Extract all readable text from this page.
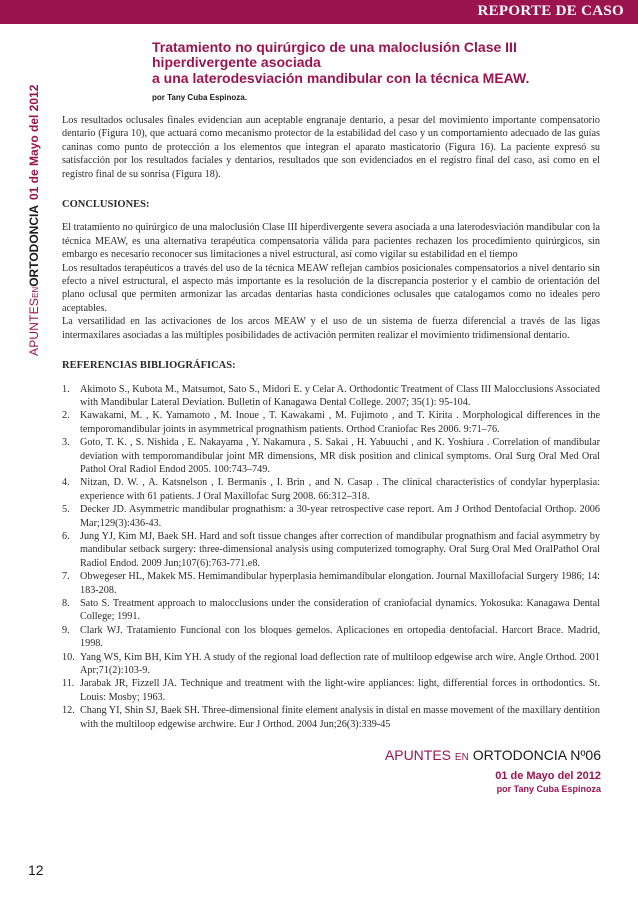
REPORTE DE CASO
APUNTESENORTODONCIA01 de Mayo del 2012

Tratamiento no quirúrgico de una maloclusión Clase III

hiperdivergente asociada

a una laterodesviación mandibular con la técnica MEAW.

por Tany Cuba Espinoza.

Los resultados oclusales finales evidencian aun aceptable engranaje dentario, a pesar del movimiento importante compensatorio dentario (Figura 10), que actuará como mecanismo protector de la estabilidad del caso y un comportamiento adecuado de las guías caninas como punto de protección a los elementos que integran el aparato masticatorio (Figura 16). La paciente expresó su satisfacción por los resultados faciales y dentarios, resultados que son evidenciados en el registro final del caso, así como en el registro final de su sonrisa (Figura 18).

CONCLUSIONES:

El tratamiento no quirúrgico de una maloclusión Clase III hiperdivergente severa asociada a una laterodesviación mandibular con la técnica MEAW, es una alternativa terapéutica compensatoria válida para pacientes rechazen los procedimiento quirúrgicos, sin embargo es necesario reconocer sus limitaciones a nivel estructural, así como vigilar su estabilidad en el tiempo

Los resultados terapéuticos a través del uso de la técnica MEAW reflejan cambios posicionales compensatorios a nivel dentario sin efecto a nivel estructural, el aspecto más importante es la resolución de la discrepancia posterior y el cambio de orientación del plano oclusal que permiten armonizar las arcadas dentarias hasta condiciones oclusales que catalogamos como no ideales pero aceptables.

La versatilidad en las activaciones de los arcos MEAW y el uso de un sistema de fuerza diferencial a través de las ligas intermaxilares asociadas a las múltiples posibilidades de activación permiten realizar el movimiento tridimensional dentario.

REFERENCIAS BIBLIOGRÁFICAS:
1.	Akimoto S., Kubota M., Matsumot, Sato S., Midori E. y Celar A. Orthodontic Treatment of Class III Malocclusions Associated with Mandibular Lateral Deviation. Bulletin of Kanagawa Dental College. 2007; 35(1): 95-104.
2.	Kawakami, M. , K. Yamamoto , M. Inoue , T. Kawakami , M. Fujimoto , and T. Kirita . Morphological differences in the temporomandibular joints in asymmetrical prognathism patients. Orthod Craniofac Res 2006. 9:71–76.
3.	Goto, T. K. , S. Nishida , E. Nakayama , Y. Nakamura , S. Sakai , H. Yabuuchi , and K. Yoshiura . Correlation of mandibular deviation with temporomandibular joint MR dimensions, MR disk position and clinical symptoms. Oral Surg Oral Med Oral Pathol Oral Radiol Endod 2005. 100:743–749.
4.	Nitzan, D. W. , A. Katsnelson , I. Bermanis , I. Brin , and N. Casap . The clinical characteristics of condylar hyperplasia: experience with 61 patients. J Oral Maxillofac Surg 2008. 66:312–318.
5.	Decker JD. Asymmetric mandibular prognathism: a 30-year retrospective case report. Am J Orthod Dentofacial Orthop. 2006 Mar;129(3):436-43.
6.	Jung YJ, Kim MJ, Baek SH. Hard and soft tissue changes after correction of mandibular prognathism and facial asymmetry by mandibular setback surgery: three-dimensional analysis using computerized tomography. Oral Surg Oral Med OralPathol Oral Radiol Endod. 2009 Jun;107(6):763-771.e8.
7.	Obwegeser HL, Makek MS. Hemimandibular hyperplasia hemimandibular elongation. Journal Maxillofacial Surgery 1986; 14: 183-208.
8.	Sato S. Treatment approach to malocclusions under the consideration of craniofacial dynamics. Yokosuka: Kanagawa Dental College; 1991.
9.	Clark WJ. Tratamiento Funcional con los bloques gemelos. Aplicaciones en ortopedia dentofacial. Harcort Brace. Madrid, 1998.
10. Yang WS, Kim BH, Kim YH. A study of the regional load deflection rate of multiloop edgewise arch wire. Angle Orthod. 2001 Apr;71(2):103-9.
11. Jarabak JR, Fizzell JA. Technique and treatment with the light-wire appliances: light, differential forces in orthodontics. St. Louis: Mosby; 1963.
12. Chang YI, Shin SJ, Baek SH. Three-dimensional finite element analysis in distal en masse movement of the maxillary dentition with the multiloop edgewise archwire. Eur J Orthod. 2004 Jun;26(3):339-45
APUNTES EN ORTODONCIA Nº06
01 de Mayo del 2012
por Tany Cuba Espinoza
12
